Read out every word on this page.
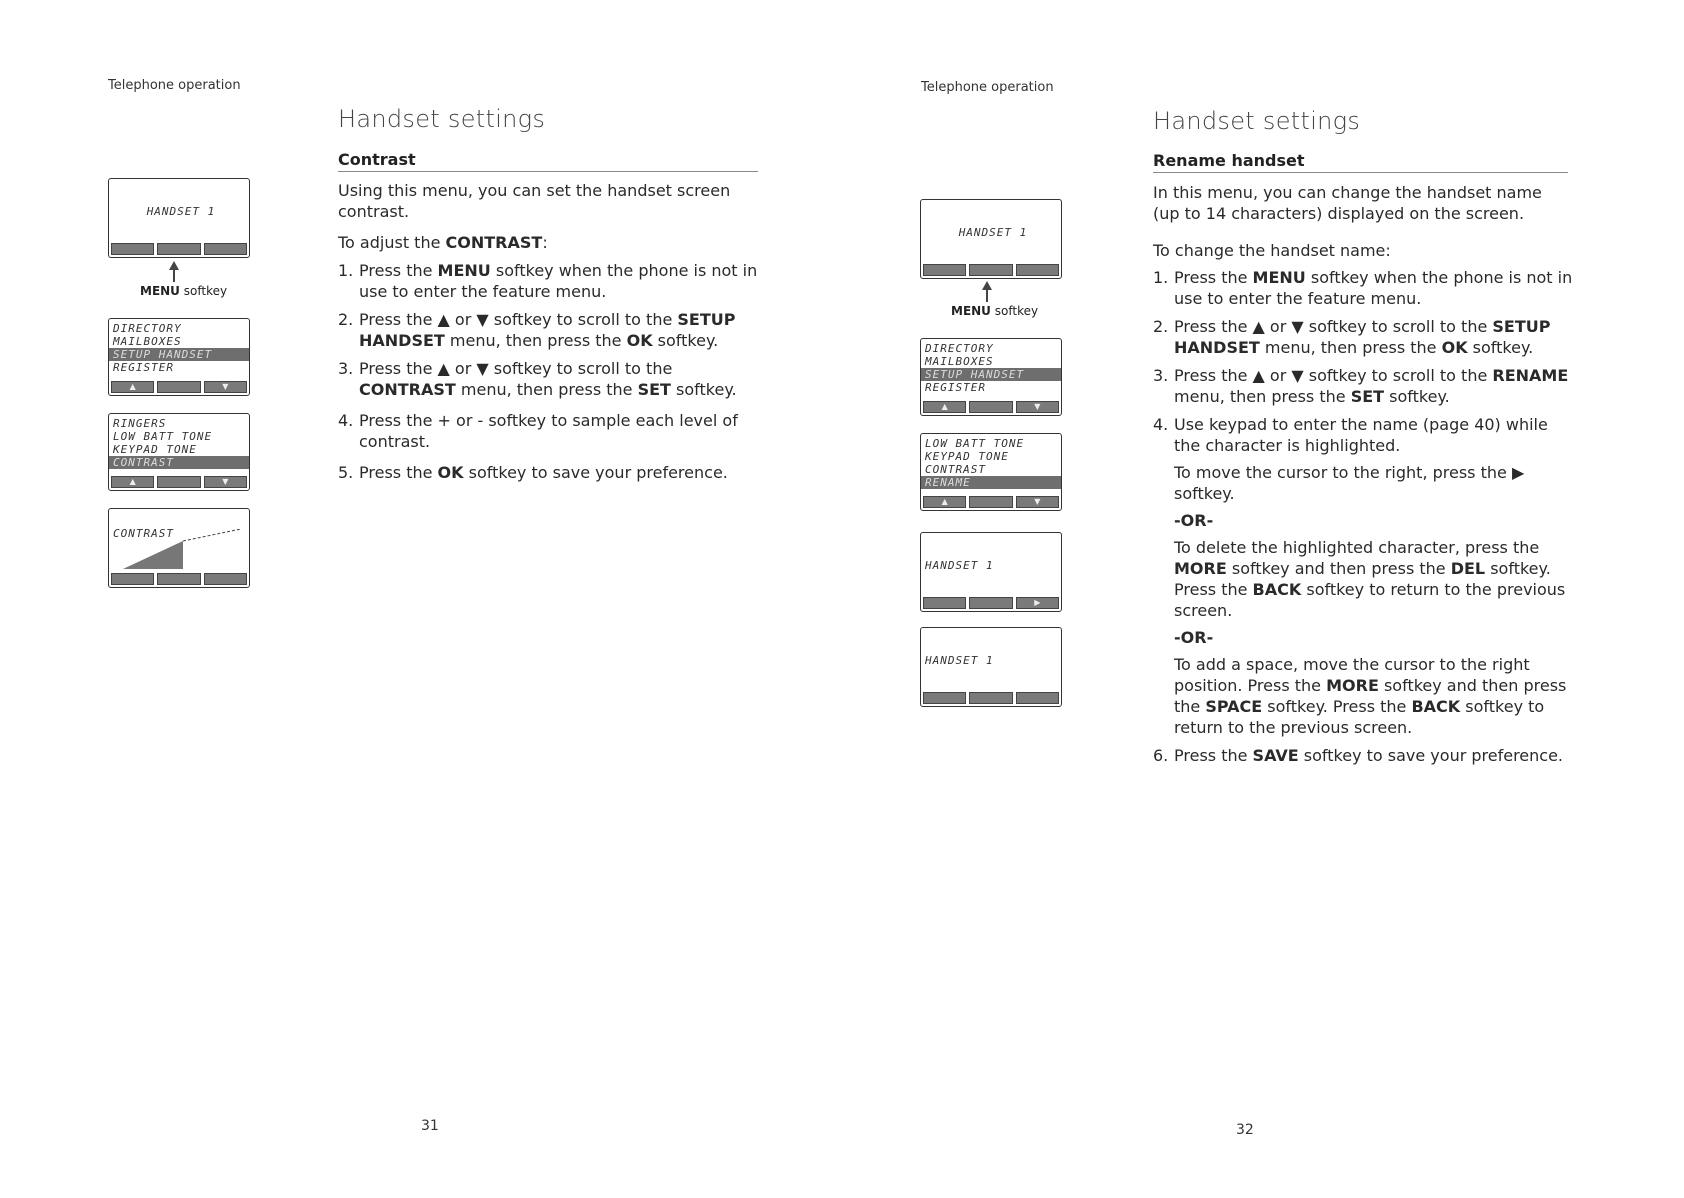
Telephone operation
Handset settings
Contrast
Using this menu, you can set the handset screen contrast.
To adjust the CONTRAST:
1. Press the MENU softkey when the phone is not in use to enter the feature menu.
2. Press the ▲ or ▼ softkey to scroll to the SETUP HANDSET menu, then press the OK softkey.
3. Press the ▲ or ▼ softkey to scroll to the CONTRAST menu, then press the SET softkey.
4. Press the + or - softkey to sample each level of contrast.
5. Press the OK softkey to save your preference.
HANDSET 1
MENU softkey
DIRECTORY
MAILBOXES
SETUP HANDSET
REGISTER
▲	▼
RINGERS
LOW BATT TONE
KEYPAD TONE
CONTRAST
▲	▼
CONTRAST
31
Telephone operation
Handset settings
Rename handset
In this menu, you can change the handset name (up to 14 characters) displayed on the screen.
To change the handset name:
1. Press the MENU softkey when the phone is not in use to enter the feature menu.
2. Press the ▲ or ▼ softkey to scroll to the SETUP HANDSET menu, then press the OK softkey.
3. Press the ▲ or ▼ softkey to scroll to the RENAME menu, then press the SET softkey.
4. Use keypad to enter the name (page 40) while the character is highlighted.
To move the cursor to the right, press the ▶ softkey.
-OR-
To delete the highlighted character, press the MORE softkey and then press the DEL softkey. Press the BACK softkey to return to the previous screen.
-OR-
To add a space, move the cursor to the right position. Press the MORE softkey and then press the SPACE softkey. Press the BACK softkey to return to the previous screen.
6. Press the SAVE softkey to save your preference.
HANDSET 1
MENU softkey
DIRECTORY
MAILBOXES
SETUP HANDSET
REGISTER
▲	▼
LOW BATT TONE
KEYPAD TONE
CONTRAST
RENAME
▲	▼
HANDSET 1
▶
HANDSET 1
32
